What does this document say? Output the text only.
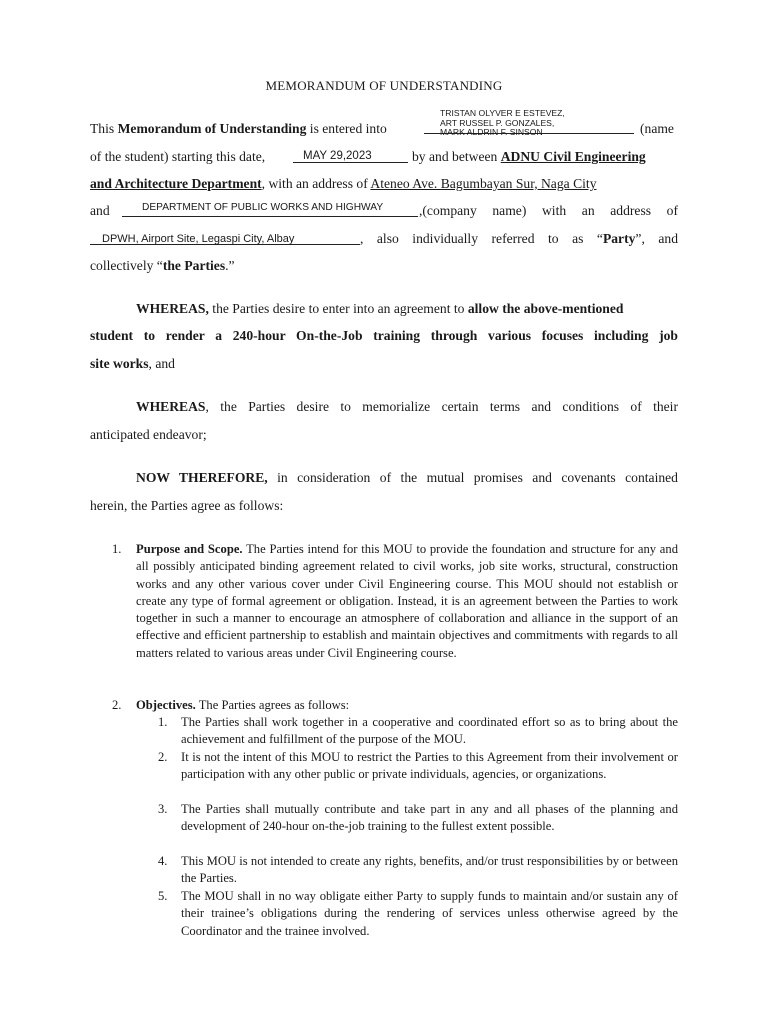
MEMORANDUM OF UNDERSTANDING
This Memorandum of Understanding is entered into
TRISTAN OLYVER E ESTEVEZ,
ART RUSSEL P. GONZALES,
MARK ALDRIN F. SINSON	(name
of the student) starting this date,	MAY 29,2023	by and between ADNU Civil Engineering
and Architecture Department, with an address of Ateneo Ave. Bagumbayan Sur, Naga City
and	DEPARTMENT OF PUBLIC WORKS AND HIGHWAY	,(company name) with an address of
DPWH, Airport Site, Legaspi City, Albay	, also individually referred to as “Party”, and
collectively “the Parties.”
WHEREAS, the Parties desire to enter into an agreement to allow the above-mentioned
student to render a 240-hour On-the-Job training through various focuses including job
site works, and
WHEREAS, the Parties desire to memorialize certain terms and conditions of their
anticipated endeavor;
NOW THEREFORE, in consideration of the mutual promises and covenants contained
herein, the Parties agree as follows:
1. Purpose and Scope. The Parties intend for this MOU to provide the foundation and structure for any and all possibly anticipated binding agreement related to civil works, job site works, structural, construction works and any other various cover under Civil Engineering course. This MOU should not establish or create any type of formal agreement or obligation. Instead, it is an agreement between the Parties to work together in such a manner to encourage an atmosphere of collaboration and alliance in the support of an effective and efficient partnership to establish and maintain objectives and commitments with regards to all matters related to various areas under Civil Engineering course.
2. Objectives. The Parties agrees as follows:
1. The Parties shall work together in a cooperative and coordinated effort so as to bring about the achievement and fulfillment of the purpose of the MOU.
2. It is not the intent of this MOU to restrict the Parties to this Agreement from their involvement or participation with any other public or private individuals, agencies, or organizations.
3. The Parties shall mutually contribute and take part in any and all phases of the planning and development of 240-hour on-the-job training to the fullest extent possible.
4. This MOU is not intended to create any rights, benefits, and/or trust responsibilities by or between the Parties.
5. The MOU shall in no way obligate either Party to supply funds to maintain and/or sustain any of their trainee’s obligations during the rendering of services unless otherwise agreed by the Coordinator and the trainee involved.
